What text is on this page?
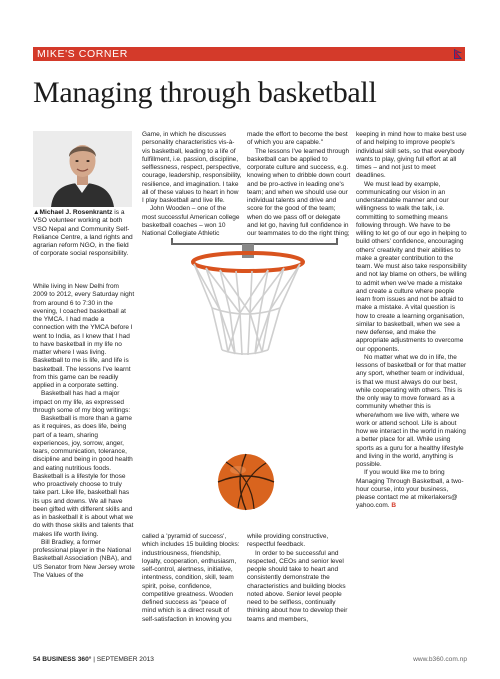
MIKE'S CORNER
Managing through basketball
▲Michael J. Rosenkrantz is a VSO volunteer working at both VSO Nepal and Community Self-Reliance Centre, a land rights and agrarian reform NGO, in the field of corporate social responsibility.

While living in New Delhi from 2009 to 2012, every Saturday night from around 6 to 7:30 in the evening, I coached basketball at the YMCA. I had made a connection with the YMCA before I went to India, as I knew that I had to have basketball in my life no matter where I was living. Basketball to me is life, and life is basketball. The lessons I've learnt from this game can be readily applied in a corporate setting.

Basketball has had a major impact on my life, as expressed through some of my blog writings:

Basketball is more than a game as it requires, as does life, being part of a team, sharing experiences, joy, sorrow, anger, tears, communication, tolerance, discipline and being in good health and eating nutritious foods. Basketball is a lifestyle for those who proactively choose to truly take part. Like life, basketball has its ups and downs. We all have been gifted with different skills and as in basketball it is about what we do with those skills and talents that makes life worth living.

Bill Bradley, a former professional player in the National Basketball Association (NBA), and US Senator from New Jersey wrote The Values of the

Game, in which he discusses personality characteristics vis-à-vis basketball, leading to a life of fulfillment, i.e. passion, discipline, selflessness, respect, perspective, courage, leadership, responsibility, resilience, and imagination. I take all of these values to heart in how I play basketball and live life.

John Wooden – one of the most successful American college basketball coaches – won 10 National Collegiate Athletic

made the effort to become the best of which you are capable."

The lessons I've learned through basketball can be applied to corporate culture and success, e.g. knowing when to dribble down court and be pro-active in leading one's team; and when we should use our individual talents and drive and score for the good of the team; when do we pass off or delegate and let go, having full confidence in our teammates to do the right thing;

keeping in mind how to make best use of and helping to improve people's individual skill sets, so that everybody wants to play, giving full effort at all times – and not just to meet deadlines.

We must lead by example, communicating our vision in an understandable manner and our willingness to walk the talk, i.e. committing to something means following through. We have to be willing to let go of our ego in helping to build others' confidence, encouraging others' creativity and their abilities to make a greater contribution to the team. We must also take responsibility and not lay blame on others, be willing to admit when we've made a mistake and create a culture where people learn from issues and not be afraid to make a mistake. A vital question is how to create a learning organisation, similar to basketball, when we see a new defense, and make the appropriate adjustments to overcome our opponents.

No matter what we do in life, the lessons of basketball or for that matter any sport, whether team or individual, is that we must always do our best, while cooperating with others. This is the only way to move forward as a community whether this is where/whom we live with, where we work or attend school. Life is about how we interact in the world in making a better place for all. While using sports as a guru for a healthy lifestyle and living in the world, anything is possible.

If you would like me to bring Managing Through Basketball, a two-hour course, into your business, please contact me at mikerlakers@ yahoo.com. B

called a 'pyramid of success', which includes 15 building blocks: industriousness, friendship, loyalty, cooperation, enthusiasm, self-control, alertness, initiative, intentness, condition, skill, team spirit, poise, confidence, competitive greatness. Wooden defined success as "peace of mind which is a direct result of self-satisfaction in knowing you

while providing constructive, respectful feedback.

In order to be successful and respected, CEOs and senior level people should take to heart and consistently demonstrate the characteristics and building blocks noted above. Senior level people need to be selfless, continually thinking about how to develop their teams and members,

54 BUSINESS 360° | SEPTEMBER 2013	www.b360.com.np
